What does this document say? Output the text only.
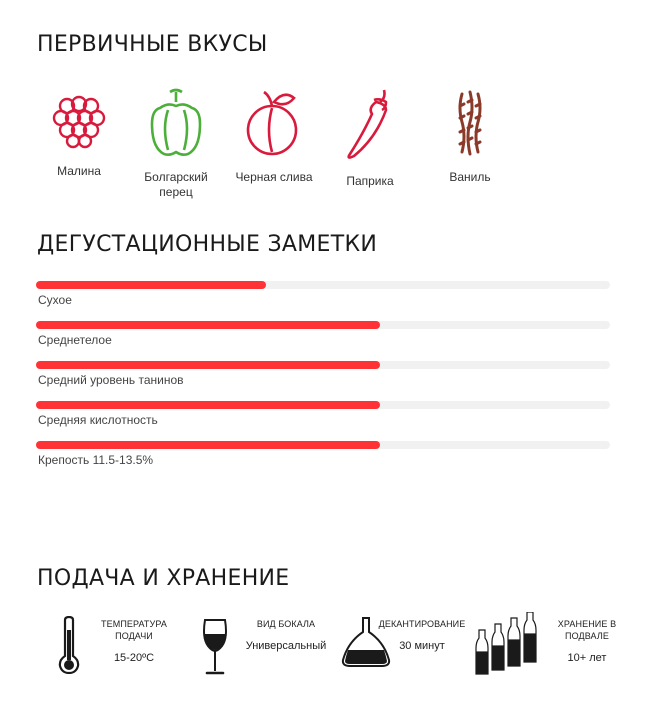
ПЕРВИЧНЫЕ ВКУСЫ
Малина	Болгарский перец
Черная слива	Паприка	Ваниль
ДЕГУСТАЦИОННЫЕ ЗАМЕТКИ
Сухое
Среднетелое
Средний уровень танинов
Средняя кислотность
Крепость 11.5-13.5%
ПОДАЧА И ХРАНЕНИЕ
ТЕМПЕРАТУРА ПОДАЧИ
15-20ºC
ВИД БОКАЛА
Универсальный
ДЕКАНТИРОВАНИЕ
30 минут
ХРАНЕНИЕ В ПОДВАЛЕ
10+ лет
